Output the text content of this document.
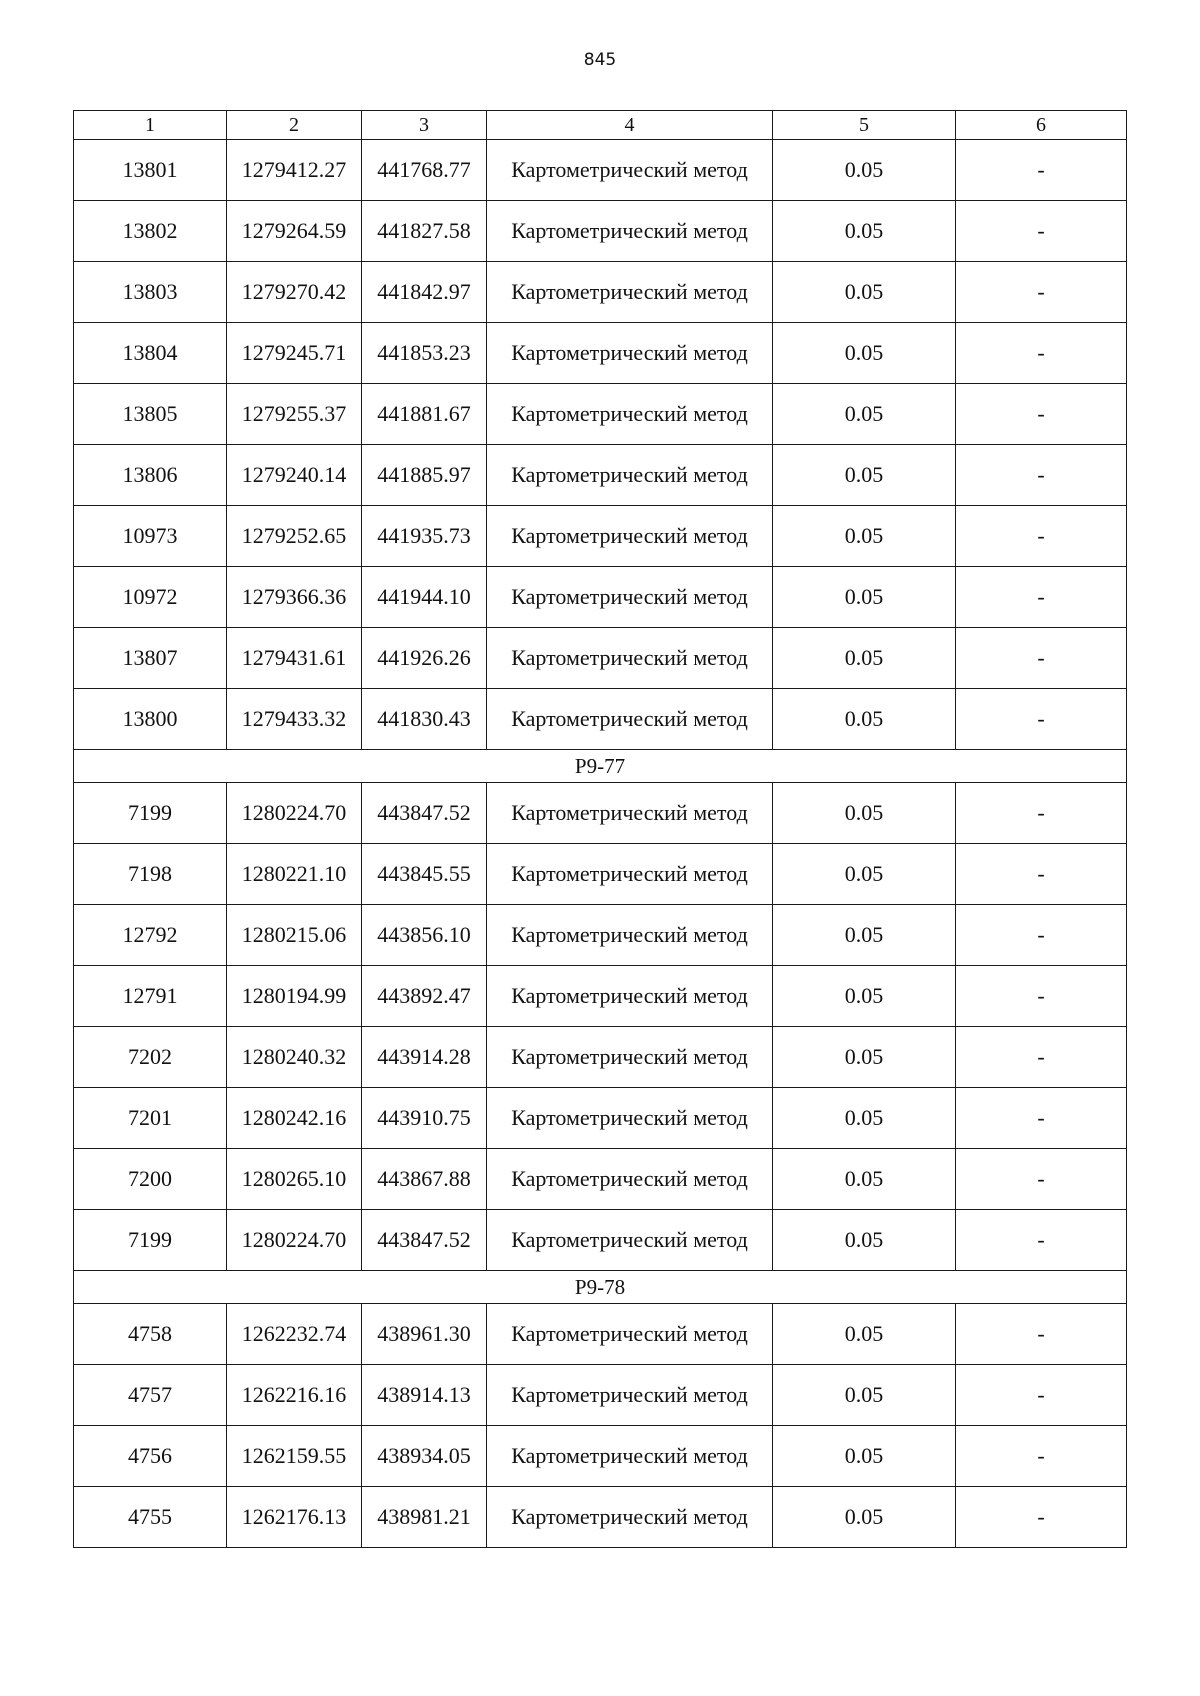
845
1	2	3	4	5	6
13801	1279412.27	441768.77	Картометрический метод	0.05	-
13802	1279264.59	441827.58	Картометрический метод	0.05	-
13803	1279270.42	441842.97	Картометрический метод	0.05	-
13804	1279245.71	441853.23	Картометрический метод	0.05	-
13805	1279255.37	441881.67	Картометрический метод	0.05	-
13806	1279240.14	441885.97	Картометрический метод	0.05	-
10973	1279252.65	441935.73	Картометрический метод	0.05	-
10972	1279366.36	441944.10	Картометрический метод	0.05	-
13807	1279431.61	441926.26	Картометрический метод	0.05	-
13800	1279433.32	441830.43	Картометрический метод	0.05	-
Р9-77					
7199	1280224.70	443847.52	Картометрический метод	0.05	-
7198	1280221.10	443845.55	Картометрический метод	0.05	-
12792	1280215.06	443856.10	Картометрический метод	0.05	-
12791	1280194.99	443892.47	Картометрический метод	0.05	-
7202	1280240.32	443914.28	Картометрический метод	0.05	-
7201	1280242.16	443910.75	Картометрический метод	0.05	-
7200	1280265.10	443867.88	Картометрический метод	0.05	-
7199	1280224.70	443847.52	Картометрический метод	0.05	-
Р9-78					
4758	1262232.74	438961.30	Картометрический метод	0.05	-
4757	1262216.16	438914.13	Картометрический метод	0.05	-
4756	1262159.55	438934.05	Картометрический метод	0.05	-
4755	1262176.13	438981.21	Картометрический метод	0.05	-
